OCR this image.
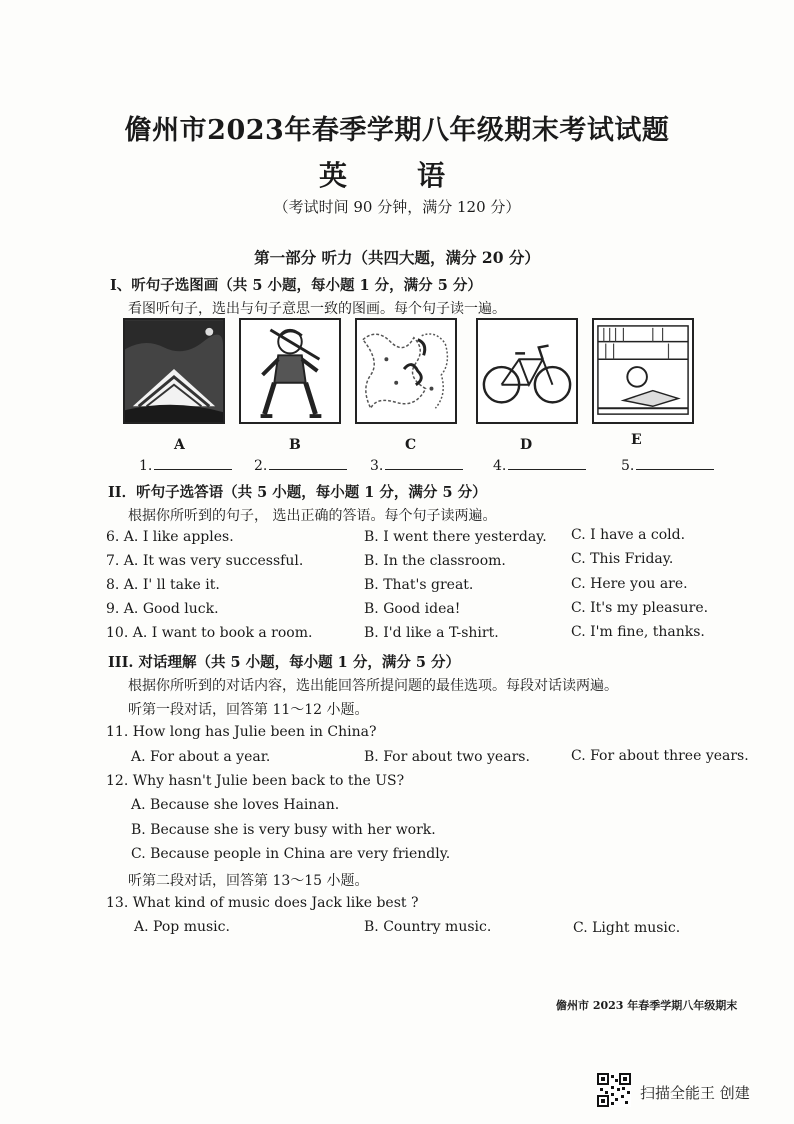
儋州市2023年春季学期八年级期末考试试题
英语
（考试时间 90 分钟，满分 120 分）
第一部分 听力（共四大题，满分 20 分）
I、听句子选图画（共 5 小题，每小题 1 分，满分 5 分）
看图听句子，选出与句子意思一致的图画。每个句子读一遍。
A	B	C	D	E
1.	2.	3.	4.	5.
II．听句子选答语（共 5 小题，每小题 1 分，满分 5 分）
根据你所听到的句子， 选出正确的答语。每个句子读两遍。
6. A. I like apples.	B. I went there yesterday. C. I have a cold.
7. A. It was very successful.	B. In the classroom.	C. This Friday.
8. A. I' ll take it.	B. That's great.	C. Here you are.
9. A. Good luck.	B. Good idea!	C. It's my pleasure.
10. A. I want to book a room.	B. I'd like a T-shirt.	C. I'm fine, thanks.
III. 对话理解（共 5 小题，每小题 1 分，满分 5 分）
根据你所听到的对话内容，选出能回答所提问题的最佳选项。每段对话读两遍。
听第一段对话，回答第 11～12 小题。
11. How long has Julie been in China?
A. For about a year.	B. For about two years.	C. For about three years.
12. Why hasn't Julie been back to the US?
A. Because she loves Hainan.
B. Because she is very busy with her work.
C. Because people in China are very friendly.
听第二段对话，回答第 13～15 小题。
13. What kind of music does Jack like best ?
A. Pop music.	B. Country music.	C. Light music.
儋州市 2023 年春季学期八年级期末
扫描全能王 创建
